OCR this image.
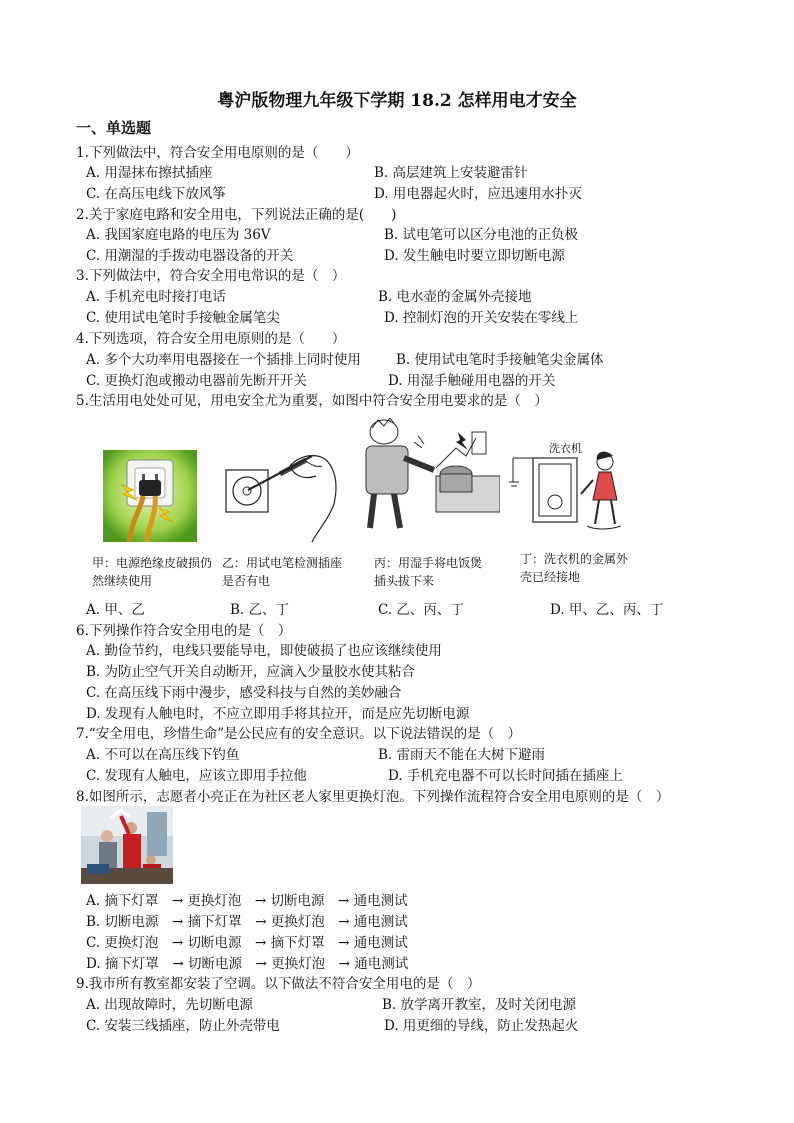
粤沪版物理九年级下学期 18.2 怎样用电才安全
一、单选题
1.下列做法中，符合安全用电原则的是（　　）
A. 用湿抹布擦拭插座	B. 高层建筑上安装避雷针
C. 在高压电线下放风筝	D. 用电器起火时，应迅速用水扑灭
2.关于家庭电路和安全用电，下列说法正确的是(　　)
A. 我国家庭电路的电压为 36V	B. 试电笔可以区分电池的正负极
C. 用潮湿的手拨动电器设备的开关	D. 发生触电时要立即切断电源
3.下列做法中，符合安全用电常识的是（　）
A. 手机充电时接打电话	B. 电水壶的金属外壳接地
C. 使用试电笔时手接触金属笔尖	D. 控制灯泡的开关安装在零线上
4.下列选项，符合安全用电原则的是（　　）
A. 多个大功率用电器接在一个插排上同时使用	B. 使用试电笔时手接触笔尖金属体
C. 更换灯泡或搬动电器前先断开开关	D. 用湿手触碰用电器的开关
5.生活用电处处可见，用电安全尤为重要，如图中符合安全用电要求的是（　）
洗衣机
甲：电源绝缘皮破损仍然继续使用
乙：用试电笔检测插座是否有电
丙：用湿手将电饭煲插头拔下来
丁：洗衣机的金属外壳已经接地
A. 甲、乙	B. 乙、丁	C. 乙、丙、丁	D. 甲、乙、丙、丁
6.下列操作符合安全用电的是（　）
A. 勤俭节约，电线只要能导电，即使破损了也应该继续使用
B. 为防止空气开关自动断开，应滴入少量胶水使其粘合
C. 在高压线下雨中漫步，感受科技与自然的美妙融合
D. 发现有人触电时，不应立即用手将其拉开，而是应先切断电源
7.“安全用电，珍惜生命”是公民应有的安全意识。以下说法错误的是（　）
A. 不可以在高压线下钓鱼	B. 雷雨天不能在大树下避雨
C. 发现有人触电，应该立即用手拉他	D. 手机充电器不可以长时间插在插座上
8.如图所示，志愿者小亮正在为社区老人家里更换灯泡。下列操作流程符合安全用电原则的是（　）
A. 摘下灯罩　→ 更换灯泡　→ 切断电源　→ 通电测试
B. 切断电源　→ 摘下灯罩　→ 更换灯泡　→ 通电测试
C. 更换灯泡　→ 切断电源　→ 摘下灯罩　→ 通电测试
D. 摘下灯罩　→ 切断电源　→ 更换灯泡　→ 通电测试
9.我市所有教室都安装了空调。以下做法不符合安全用电的是（　）
A. 出现故障时，先切断电源	B. 放学离开教室，及时关闭电源
C. 安装三线插座，防止外壳带电	D. 用更细的导线，防止发热起火
